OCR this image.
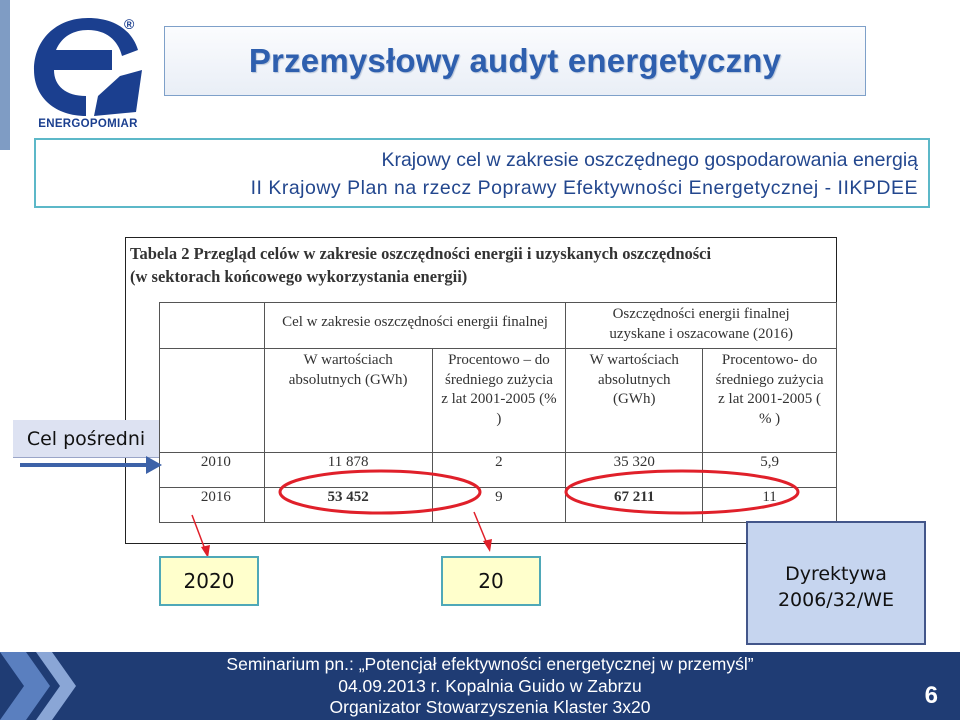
®
ENERGOPOMIAR
Przemysłowy audyt energetyczny
Krajowy cel w zakresie oszczędnego gospodarowania energią
II Krajowy Plan na rzecz Poprawy Efektywności Energetycznej - IIKPDEE
Tabela 2 Przegląd celów w zakresie oszczędności energii i uzyskanych oszczędności
(w sektorach końcowego wykorzystania energii)
	Cel w zakresie oszczędności energii finalnej		Oszczędności energii finalnej uzyskane i oszacowane (2016)	
	W wartościach absolutnych (GWh)	Procentowo – do średniego zużycia z lat 2001-2005 (% )	W wartościach absolutnych (GWh)	Procentowo- do średniego zużycia z lat 2001-2005 ( % )
2010	11 878	2	35 320	5,9
2016	53 452	9	67 211	11
Cel pośredni
2020	20	Dyrektywa
2006/32/WE
Seminarium pn.: „Potencjał efektywności energetycznej w przemyśl”
04.09.2013 r. Kopalnia Guido w Zabrzu
Organizator Stowarzyszenia Klaster 3x20	6
